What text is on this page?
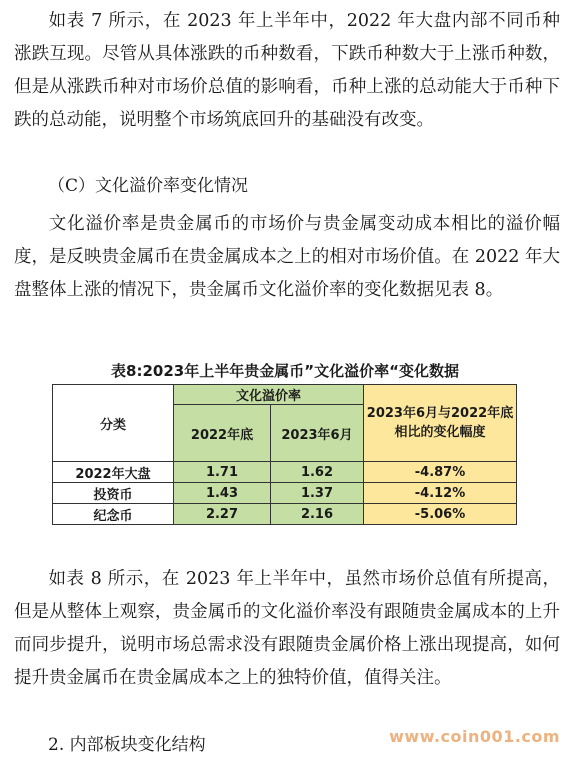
如表 7 所示，在 2023 年上半年中，2022 年大盘内部不同币种涨跌互现。尽管从具体涨跌的币种数看，下跌币种数大于上涨币种数，但是从涨跌币种对市场价总值的影响看，币种上涨的总动能大于币种下跌的总动能，说明整个市场筑底回升的基础没有改变。

（C）文化溢价率变化情况

文化溢价率是贵金属币的市场价与贵金属变动成本相比的溢价幅度，是反映贵金属币在贵金属成本之上的相对市场价值。在 2022 年大盘整体上涨的情况下，贵金属币文化溢价率的变化数据见表 8。

表8:2023年上半年贵金属币”文化溢价率“变化数据
分类	文化溢价率		2023年6月与2022年底相比的变化幅度
	2022年底	2023年6月	
2022年大盘	1.71	1.62	-4.87%
投资币	1.43	1.37	-4.12%
纪念币	2.27	2.16	-5.06%

如表 8 所示，在 2023 年上半年中，虽然市场价总值有所提高，但是从整体上观察，贵金属币的文化溢价率没有跟随贵金属成本的上升而同步提升，说明市场总需求没有跟随贵金属价格上涨出现提高，如何提升贵金属币在贵金属成本之上的独特价值，值得关注。

2. 内部板块变化结构	www.coin001.com
